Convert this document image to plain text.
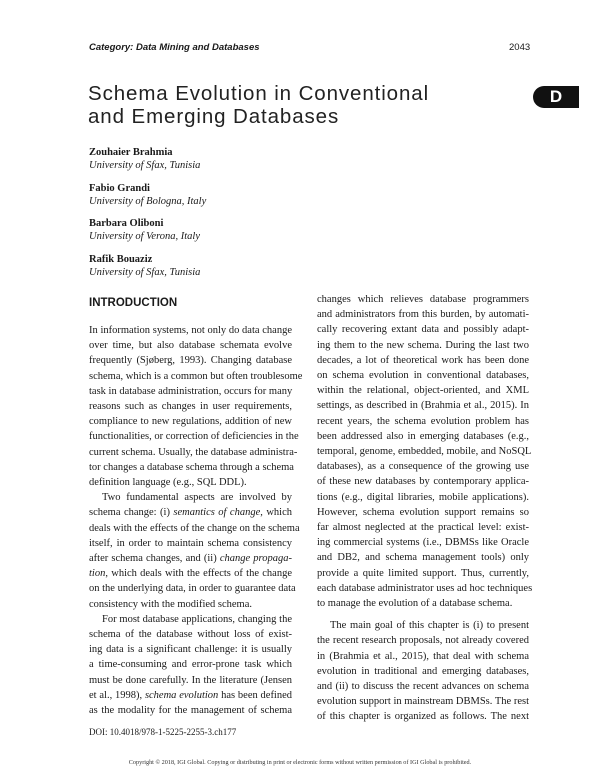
Category: Data Mining and Databases	2043
D
Schema Evolution in Conventional
and Emerging Databases
Zouhaier Brahmia
University of Sfax, Tunisia
Fabio Grandi
University of Bologna, Italy
Barbara Oliboni
University of Verona, Italy
Rafik Bouaziz
University of Sfax, Tunisia
INTRODUCTION

In information systems, not only do data change
over time, but also database schemata evolve
frequently (Sjøberg, 1993). Changing database
schema, which is a common but often troublesome
task in database administration, occurs for many
reasons such as changes in user requirements,
compliance to new regulations, addition of new
functionalities, or correction of deficiencies in the
current schema. Usually, the database administra-
tor changes a database schema through a schema
definition language (e.g., SQL DDL).

Two fundamental aspects are involved by
schema change: (i) semantics of change, which
deals with the effects of the change on the schema
itself, in order to maintain schema consistency
after schema changes, and (ii) change propaga-
tion, which deals with the effects of the change
on the underlying data, in order to guarantee data
consistency with the modified schema.

For most database applications, changing the
schema of the database without loss of exist-
ing data is a significant challenge: it is usually
a time-consuming and error-prone task which
must be done carefully. In the literature (Jensen
et al., 1998), schema evolution has been defined
as the modality for the management of schema

changes which relieves database programmers
and administrators from this burden, by automati-
cally recovering extant data and possibly adapt-
ing them to the new schema. During the last two
decades, a lot of theoretical work has been done
on schema evolution in conventional databases,
within the relational, object-oriented, and XML
settings, as described in (Brahmia et al., 2015). In
recent years, the schema evolution problem has
been addressed also in emerging databases (e.g.,
temporal, genome, embedded, mobile, and NoSQL
databases), as a consequence of the growing use
of these new databases by contemporary applica-
tions (e.g., digital libraries, mobile applications).
However, schema evolution support remains so
far almost neglected at the practical level: exist-
ing commercial systems (i.e., DBMSs like Oracle
and DB2, and schema management tools) only
provide a quite limited support. Thus, currently,
each database administrator uses ad hoc techniques
to manage the evolution of a database schema.

The main goal of this chapter is (i) to present
the recent research proposals, not already covered
in (Brahmia et al., 2015), that deal with schema
evolution in traditional and emerging databases,
and (ii) to discuss the recent advances on schema
evolution support in mainstream DBMSs. The rest
of this chapter is organized as follows. The next

DOI: 10.4018/978-1-5225-2255-3.ch177
Copyright © 2018, IGI Global. Copying or distributing in print or electronic forms without written permission of IGI Global is prohibited.
